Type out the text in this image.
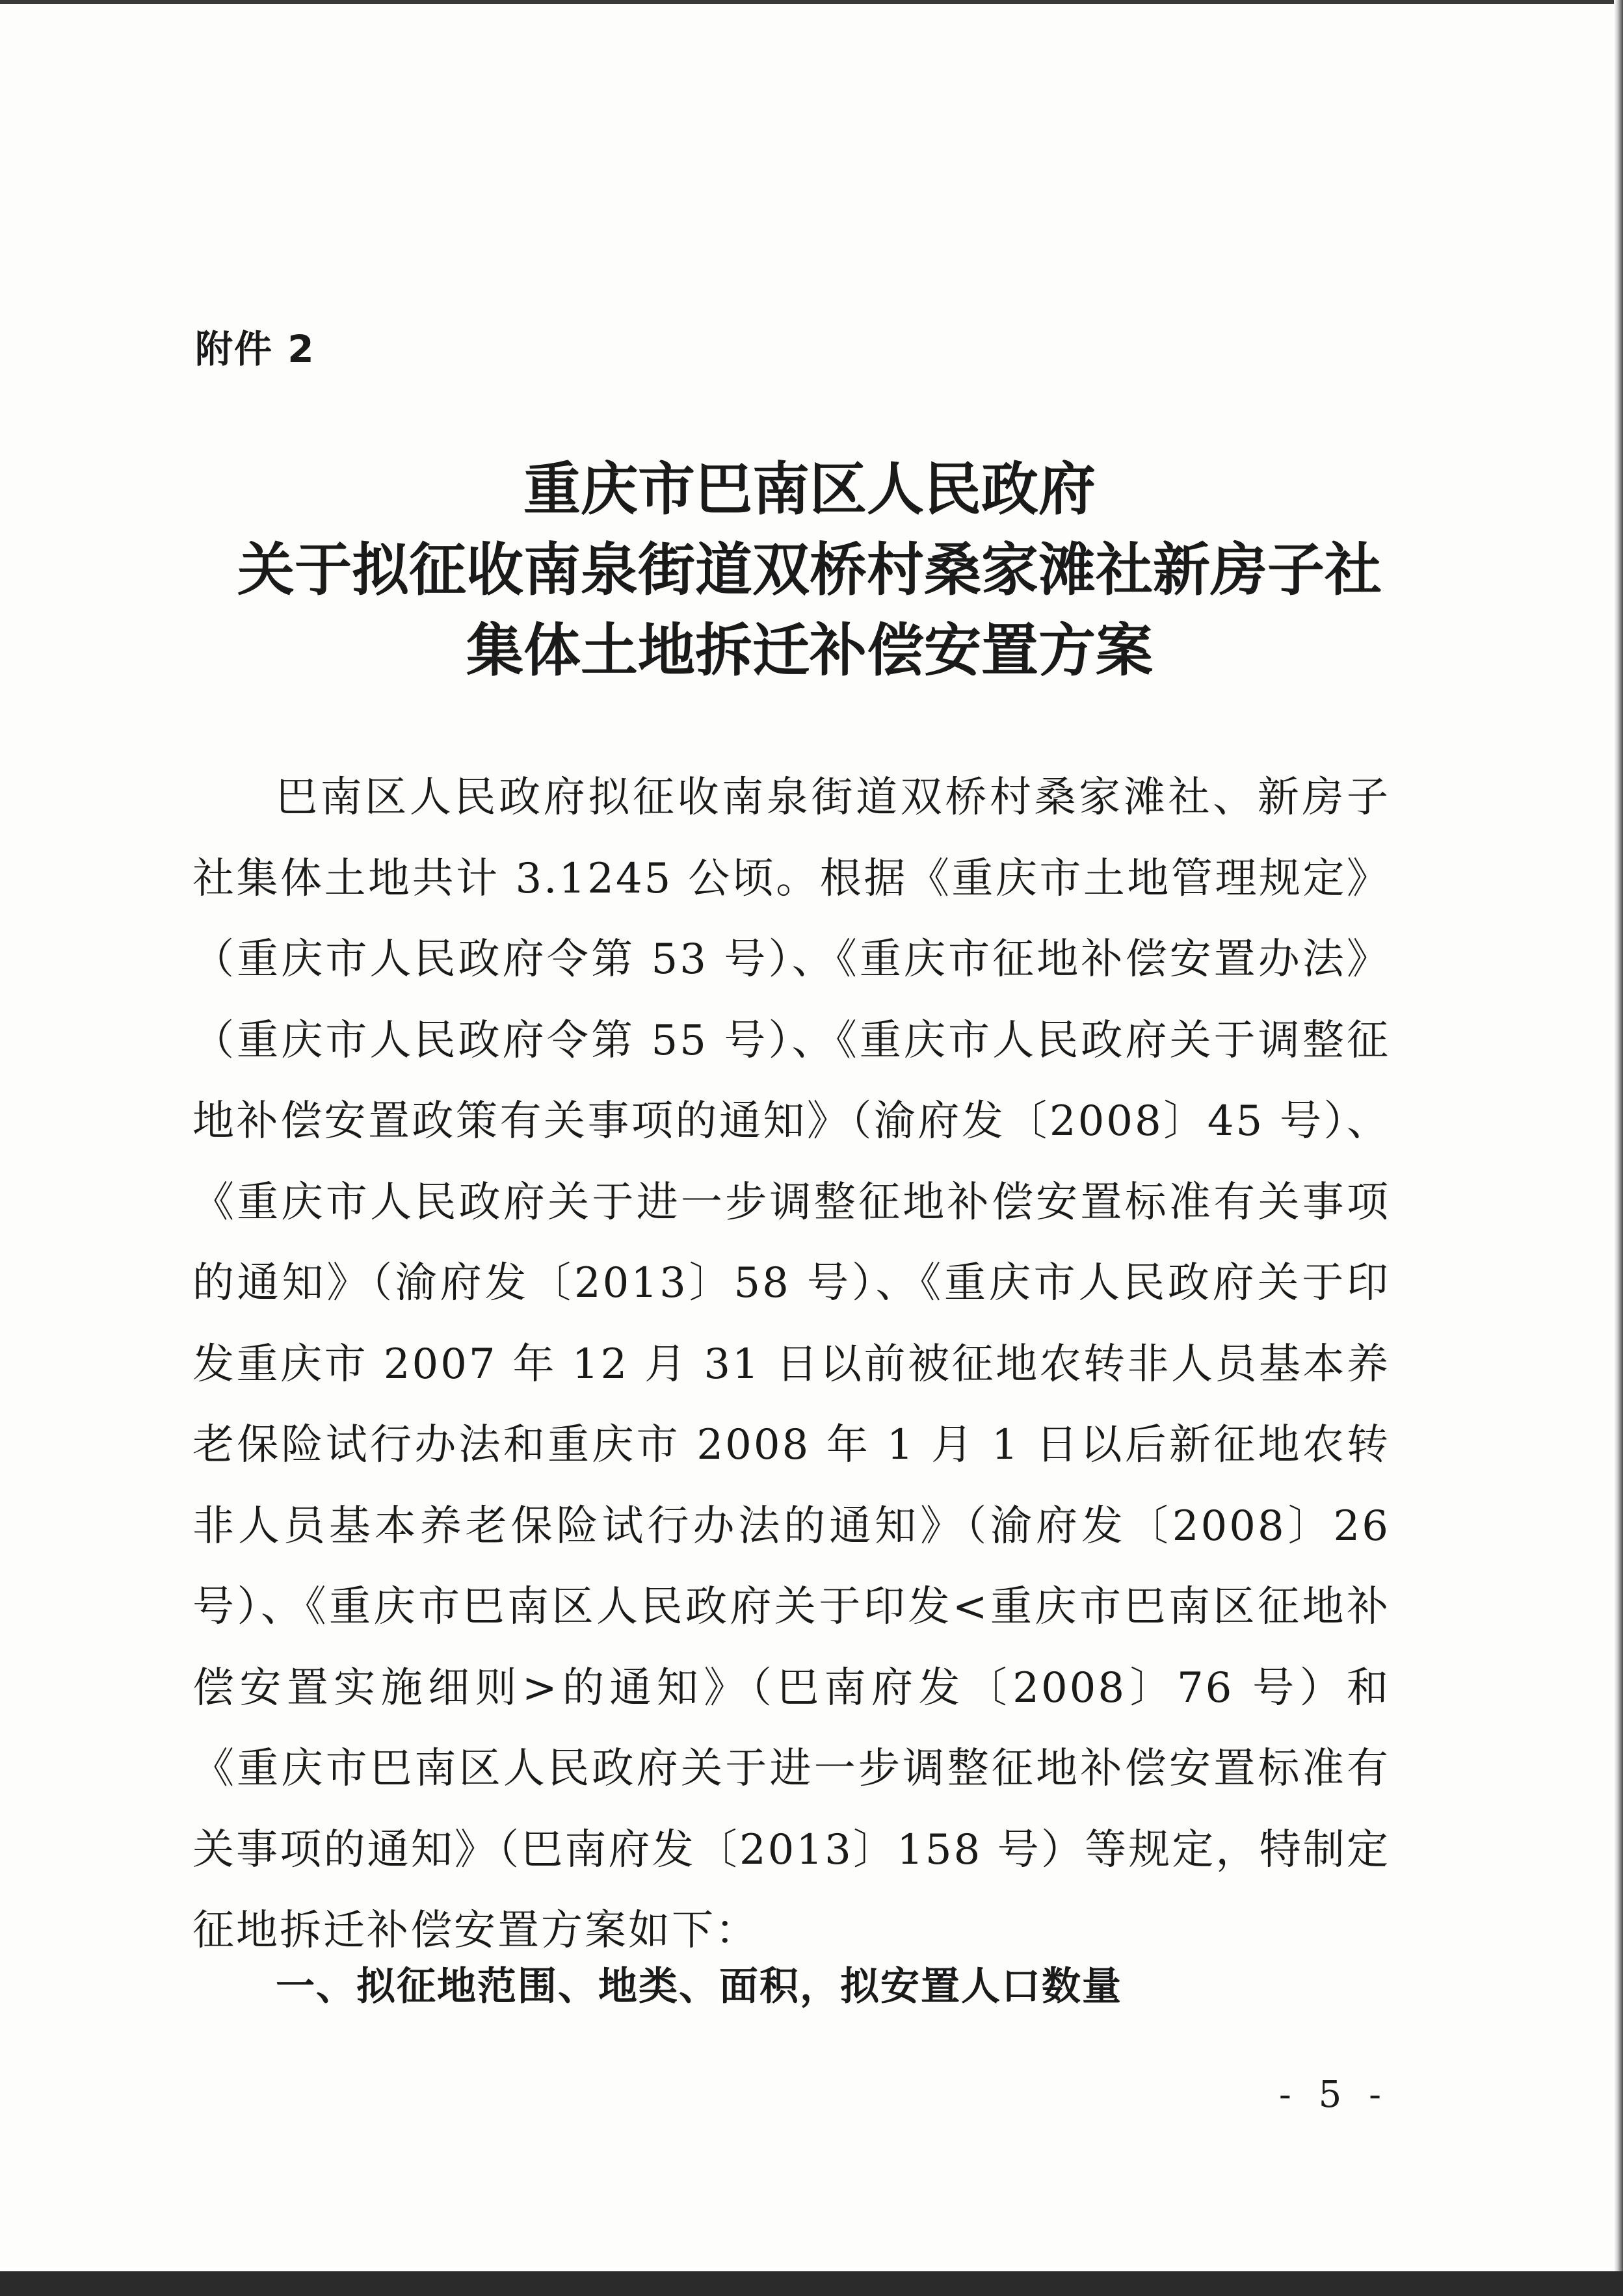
附件 2
重庆市巴南区人民政府
关于拟征收南泉街道双桥村桑家滩社新房子社
集体土地拆迁补偿安置方案

巴南区人民政府拟征收南泉街道双桥村桑家滩社、新房子社集体土地共计 3.1245 公顷。根据《重庆市土地管理规定》（重庆市人民政府令第 53 号）、《重庆市征地补偿安置办法》（重庆市人民政府令第 55 号）、《重庆市人民政府关于调整征地补偿安置政策有关事项的通知》（渝府发〔2008〕45 号）、《重庆市人民政府关于进一步调整征地补偿安置标准有关事项的通知》（渝府发〔2013〕58 号）、《重庆市人民政府关于印发重庆市 2007 年 12 月 31 日以前被征地农转非人员基本养老保险试行办法和重庆市 2008 年 1 月 1 日以后新征地农转非人员基本养老保险试行办法的通知》（渝府发〔2008〕26 号）、《重庆市巴南区人民政府关于印发<重庆市巴南区征地补偿安置实施细则>的通知》（巴南府发〔2008〕76 号）和《重庆市巴南区人民政府关于进一步调整征地补偿安置标准有关事项的通知》（巴南府发〔2013〕158 号）等规定，特制定征地拆迁补偿安置方案如下：

一、拟征地范围、地类、面积，拟安置人口数量
- 5 -
